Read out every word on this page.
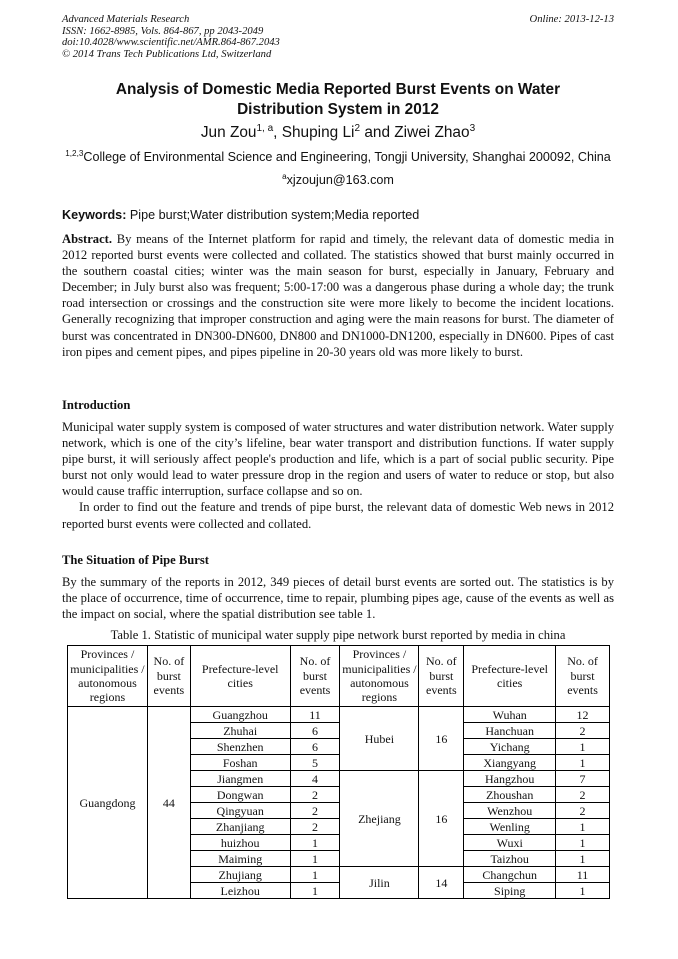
Advanced Materials Research
ISSN: 1662-8985, Vols. 864-867, pp 2043-2049
doi:10.4028/www.scientific.net/AMR.864-867.2043
© 2014 Trans Tech Publications Ltd, Switzerland
Online: 2013-12-13
Analysis of Domestic Media Reported Burst Events on Water
Distribution System in 2012
Jun Zou$^{1, a}$, Shuping Li$^2$ and Ziwei Zhao$^3$
$^{1,2,3}$College of Environmental Science and Engineering, Tongji University, Shanghai 200092, China
$^a$xjzoujun@163.com
Keywords: Pipe burst;Water distribution system;Media reported
Abstract. By means of the Internet platform for rapid and timely, the relevant data of domestic media in 2012 reported burst events were collected and collated. The statistics showed that burst mainly occurred in the southern coastal cities; winter was the main season for burst, especially in January, February and December; in July burst also was frequent; 5:00-17:00 was a dangerous phase during a whole day; the trunk road intersection or crossings and the construction site were more likely to become the incident locations. Generally recognizing that improper construction and aging were the main reasons for burst. The diameter of burst was concentrated in DN300-DN600, DN800 and DN1000-DN1200, especially in DN600. Pipes of cast iron pipes and cement pipes, and pipes pipeline in 20-30 years old was more likely to burst.
Introduction
Municipal water supply system is composed of water structures and water distribution network. Water supply network, which is one of the city’s lifeline, bear water transport and distribution functions. If water supply pipe burst, it will seriously affect people's production and life, which is a part of social public security. Pipe burst not only would lead to water pressure drop in the region and users of water to reduce or stop, but also would cause traffic interruption, surface collapse and so on.
In order to find out the feature and trends of pipe burst, the relevant data of domestic Web news in 2012 reported burst events were collected and collated.
The Situation of Pipe Burst
By the summary of the reports in 2012, 349 pieces of detail burst events are sorted out. The statistics is by the place of occurrence, time of occurrence, time to repair, plumbing pipes age, cause of the events as well as the impact on social, where the spatial distribution see table 1.
Table 1. Statistic of municipal water supply pipe network burst reported by media in china
Provinces / municipalities / autonomous regions	No. of burst events	Prefecture-level cities	No. of burst events	Provinces / municipalities / autonomous regions	No. of burst events	Prefecture-level cities	No. of burst events
Guangdong	44	Guangzhou	11	Hubei	16	Wuhan	12
		Zhuhai	6			Hanchuan	2
		Shenzhen	6			Yichang	1
		Foshan	5			Xiangyang	1
		Jiangmen	4	Zhejiang	16	Hangzhou	7
		Dongwan	2			Zhoushan	2
		Qingyuan	2			Wenzhou	2
		Zhanjiang	2			Wenling	1
		huizhou	1			Wuxi	1
		Maiming	1			Taizhou	1
		Zhujiang	1	Jilin	14	Changchun	11
		Leizhou	1			Siping	1
